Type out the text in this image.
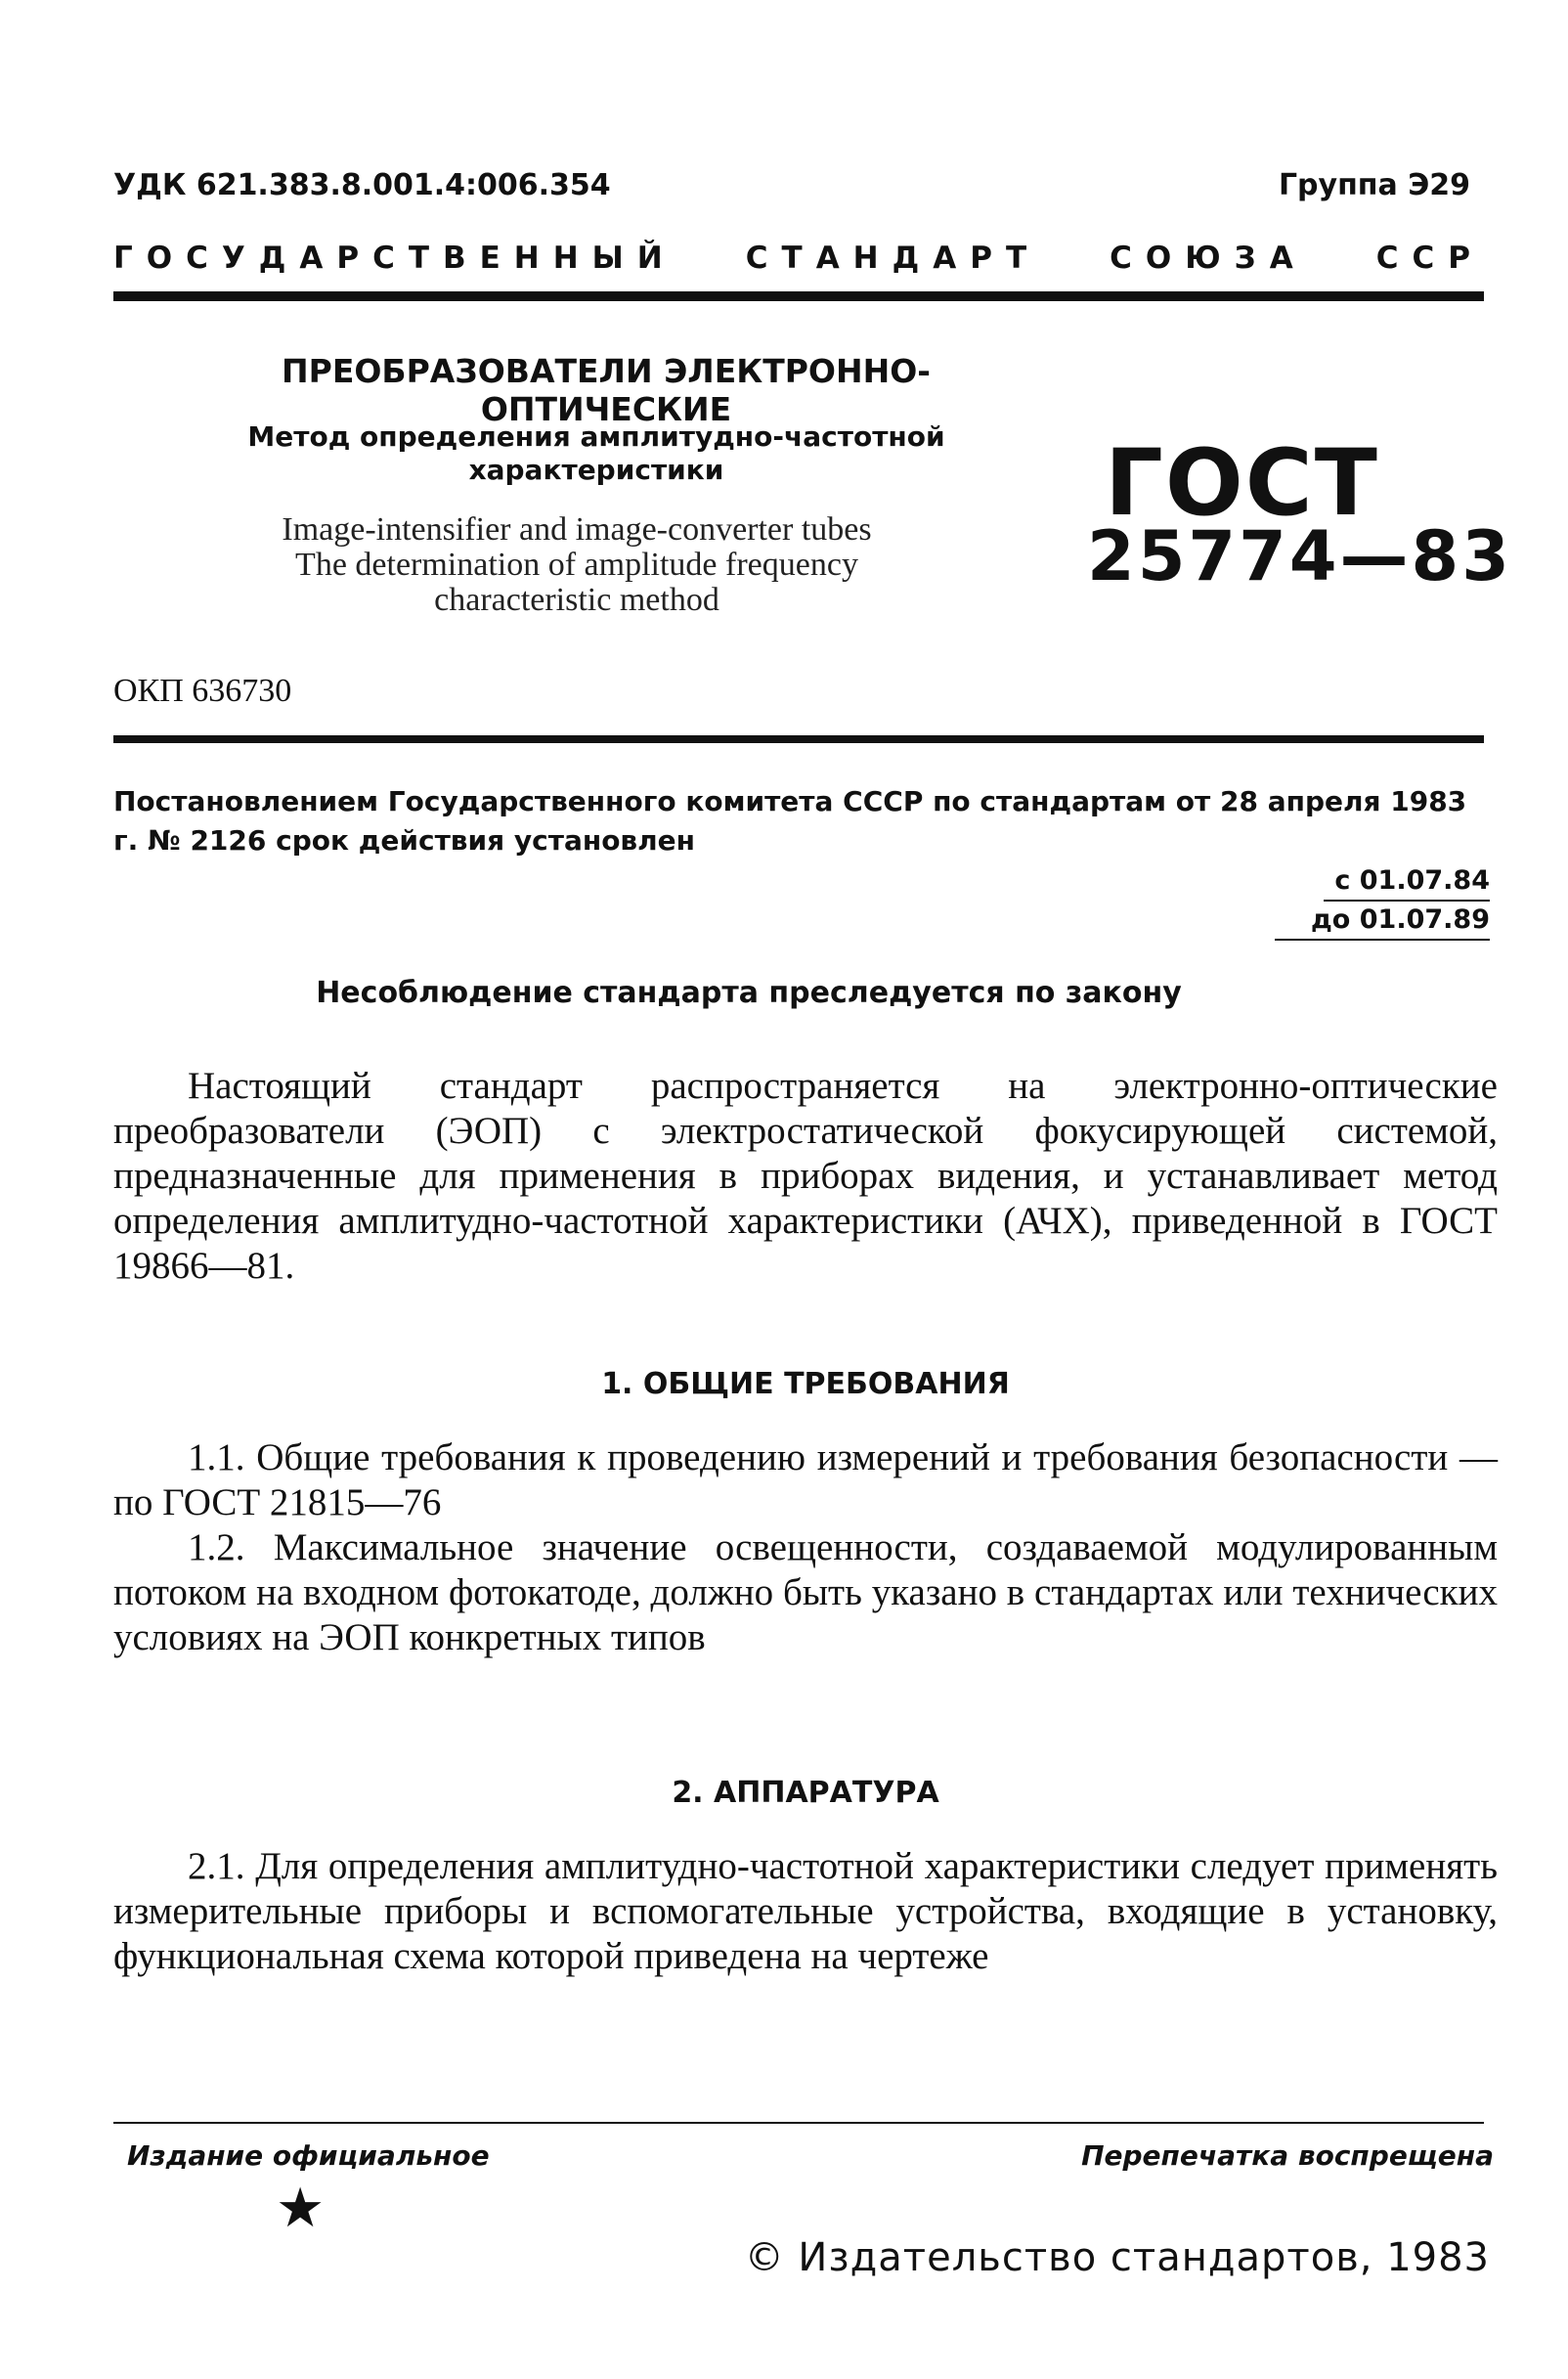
УДК 621.383.8.001.4:006.354	Группа Э29
ГОСУДАРСТВЕННЫЙ СТАНДАРТ СОЮЗА ССР
ПРЕОБРАЗОВАТЕЛИ ЭЛЕКТРОННО-ОПТИЧЕСКИЕ
Метод определения амплитудно-частотной
характеристики
Image-intensifier and image-converter tubes
The determination of amplitude frequency
characteristic method
ГОСТ
25774—83
ОКП 636730
Постановлением Государственного комитета СССР по стандартам от 28 апреля 1983 г. № 2126 срок действия установлен
с 01.07.84
до 01.07.89
Несоблюдение стандарта преследуется по закону
Настоящий стандарт распространяется на электронно-оптические преобразователи (ЭОП) с электростатической фокусирующей системой, предназначенные для применения в приборах видения, и устанавливает метод определения амплитудно-частотной характеристики (АЧХ), приведенной в ГОСТ 19866—81.
1. ОБЩИЕ ТРЕБОВАНИЯ
1.1. Общие требования к проведению измерений и требования безопасности — по ГОСТ 21815—76
1.2. Максимальное значение освещенности, создаваемой модулированным потоком на входном фотокатоде, должно быть указано в стандартах или технических условиях на ЭОП конкретных типов
2. АППАРАТУРА
2.1. Для определения амплитудно-частотной характеристики следует применять измерительные приборы и вспомогательные устройства, входящие в установку, функциональная схема которой приведена на чертеже
Издание официальное	Перепечатка воспрещена
★
© Издательство стандартов, 1983
